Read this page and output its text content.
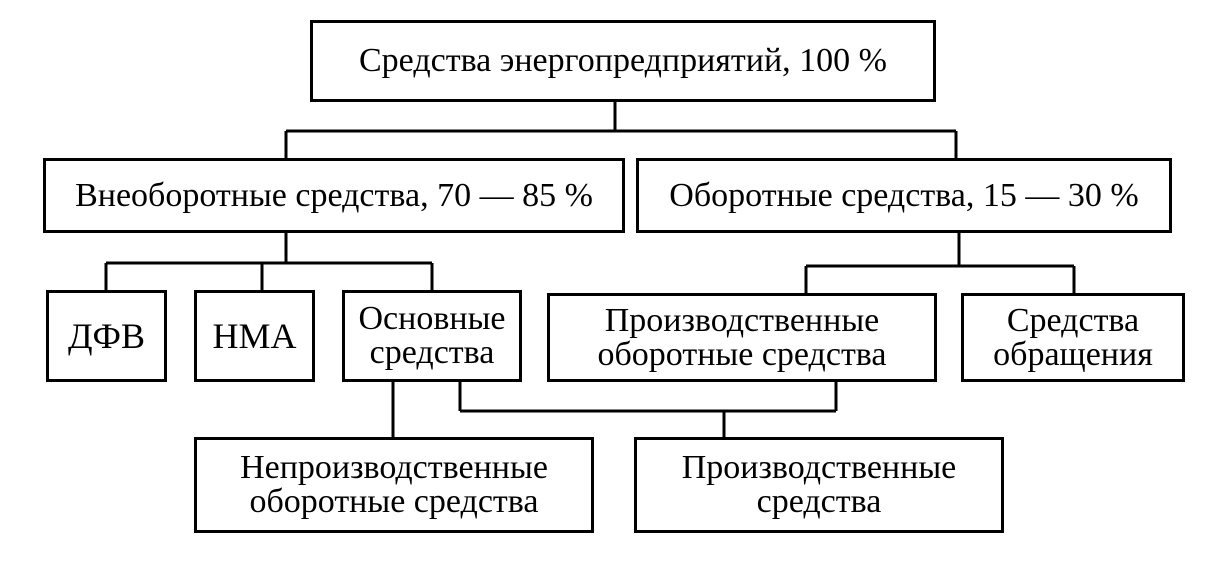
Средства энергопредприятий, 100 %
Внеоборотные средства, 70 — 85 % Оборотные средства, 15 — 30 %
ДФВ НМА Основные
средства
Производственные
оборотные средства
Средства
обращения
Непроизводственные
оборотные средства
Производственные
средства
